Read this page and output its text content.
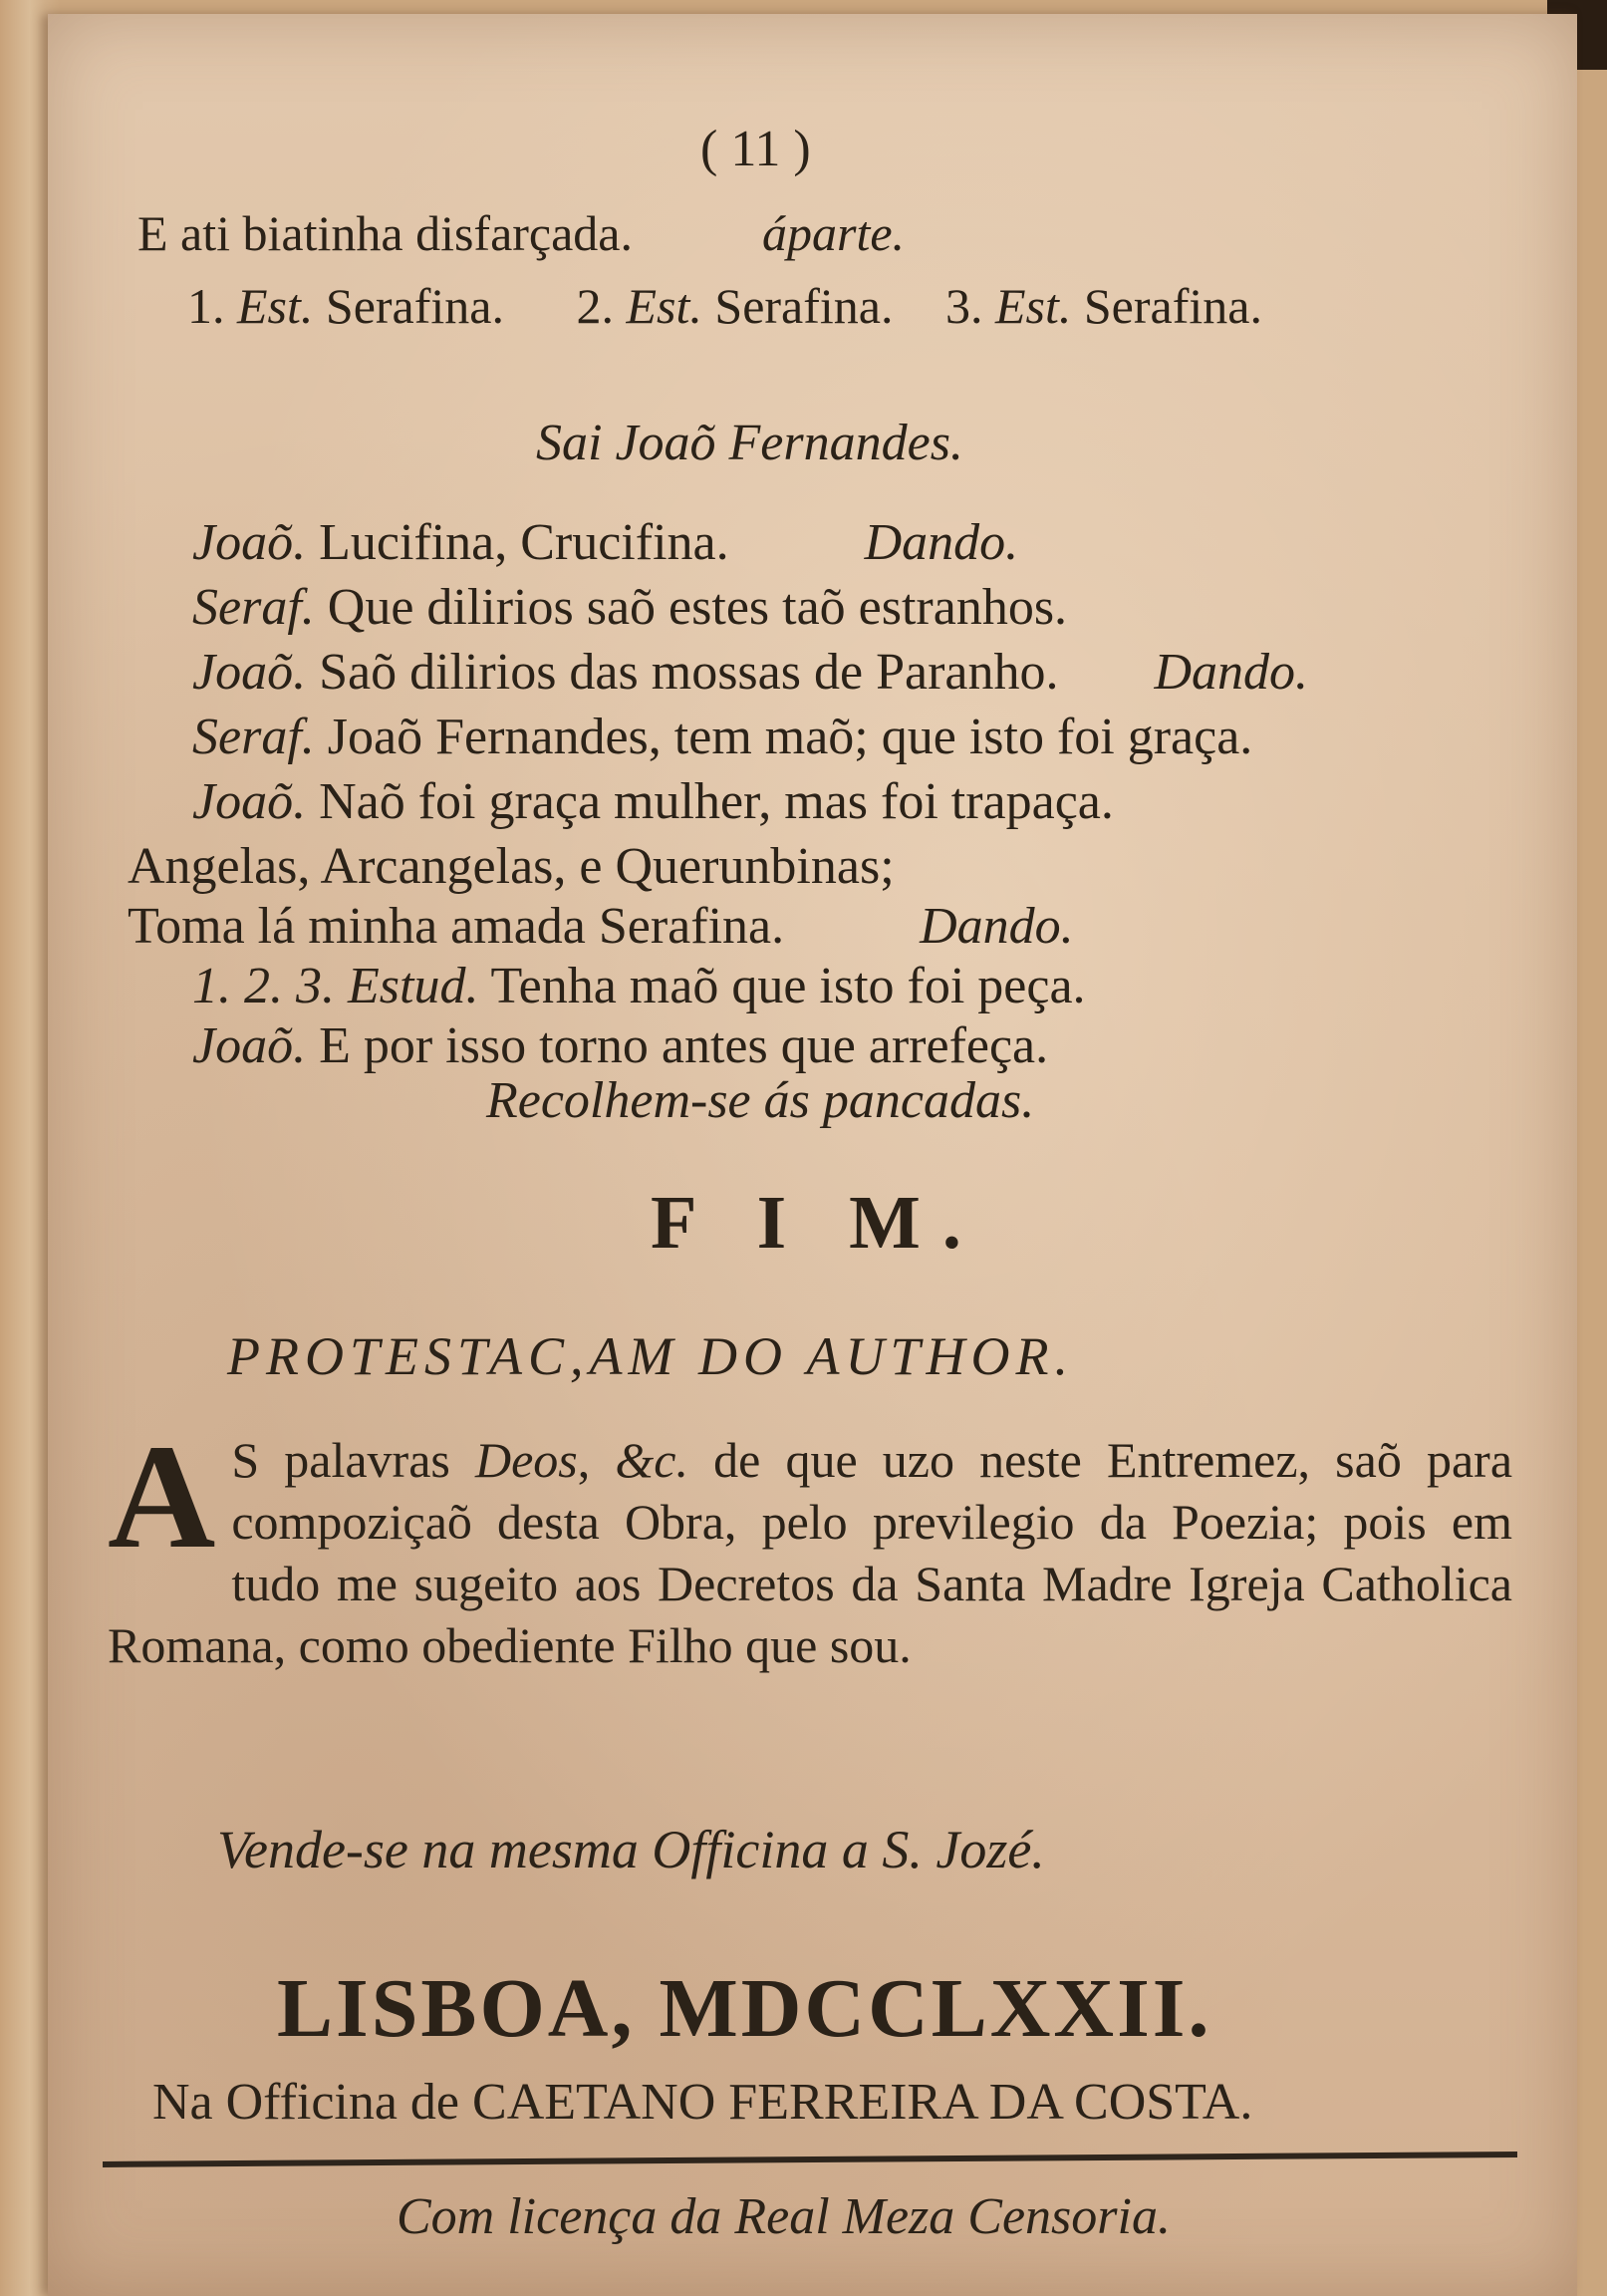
( 11 )
E ati biatinha disfarçada.	áparte.
1. Est. Serafina. 2. Est. Serafina. 3. Est. Serafina.
Sai Joaõ Fernandes.
Joaõ. Lucifina, Crucifina.	Dando.
Seraf. Que dilirios saõ estes taõ estranhos.
Joaõ. Saõ dilirios das mossas de Paranho. Dando.
Seraf. Joaõ Fernandes, tem maõ; que isto foi graça.
Joaõ. Naõ foi graça mulher, mas foi trapaça.
Angelas, Arcangelas, e Querunbinas;
Toma lá minha amada Serafina.	Dando.
1. 2. 3. Estud. Tenha maõ que isto foi peça.
Joaõ. E por isso torno antes que arrefeça.
Recolhem-se ás pancadas.
F I M.
PROTESTAC,AM DO AUTHOR.
A S palavras Deos, &c. de que uzo neste Entremez, saõ para compoziçaõ desta Obra, pelo previlegio da Poezia; pois em tudo me sugeito aos Decretos da Santa Madre Igreja Catholica Romana, como obediente Filho que sou.
Vende-se na mesma Officina a S. Jozé.
LISBOA, MDCCLXXII.
Na Officina de CAETANO FERREIRA DA COSTA.
Com licença da Real Meza Censoria.
